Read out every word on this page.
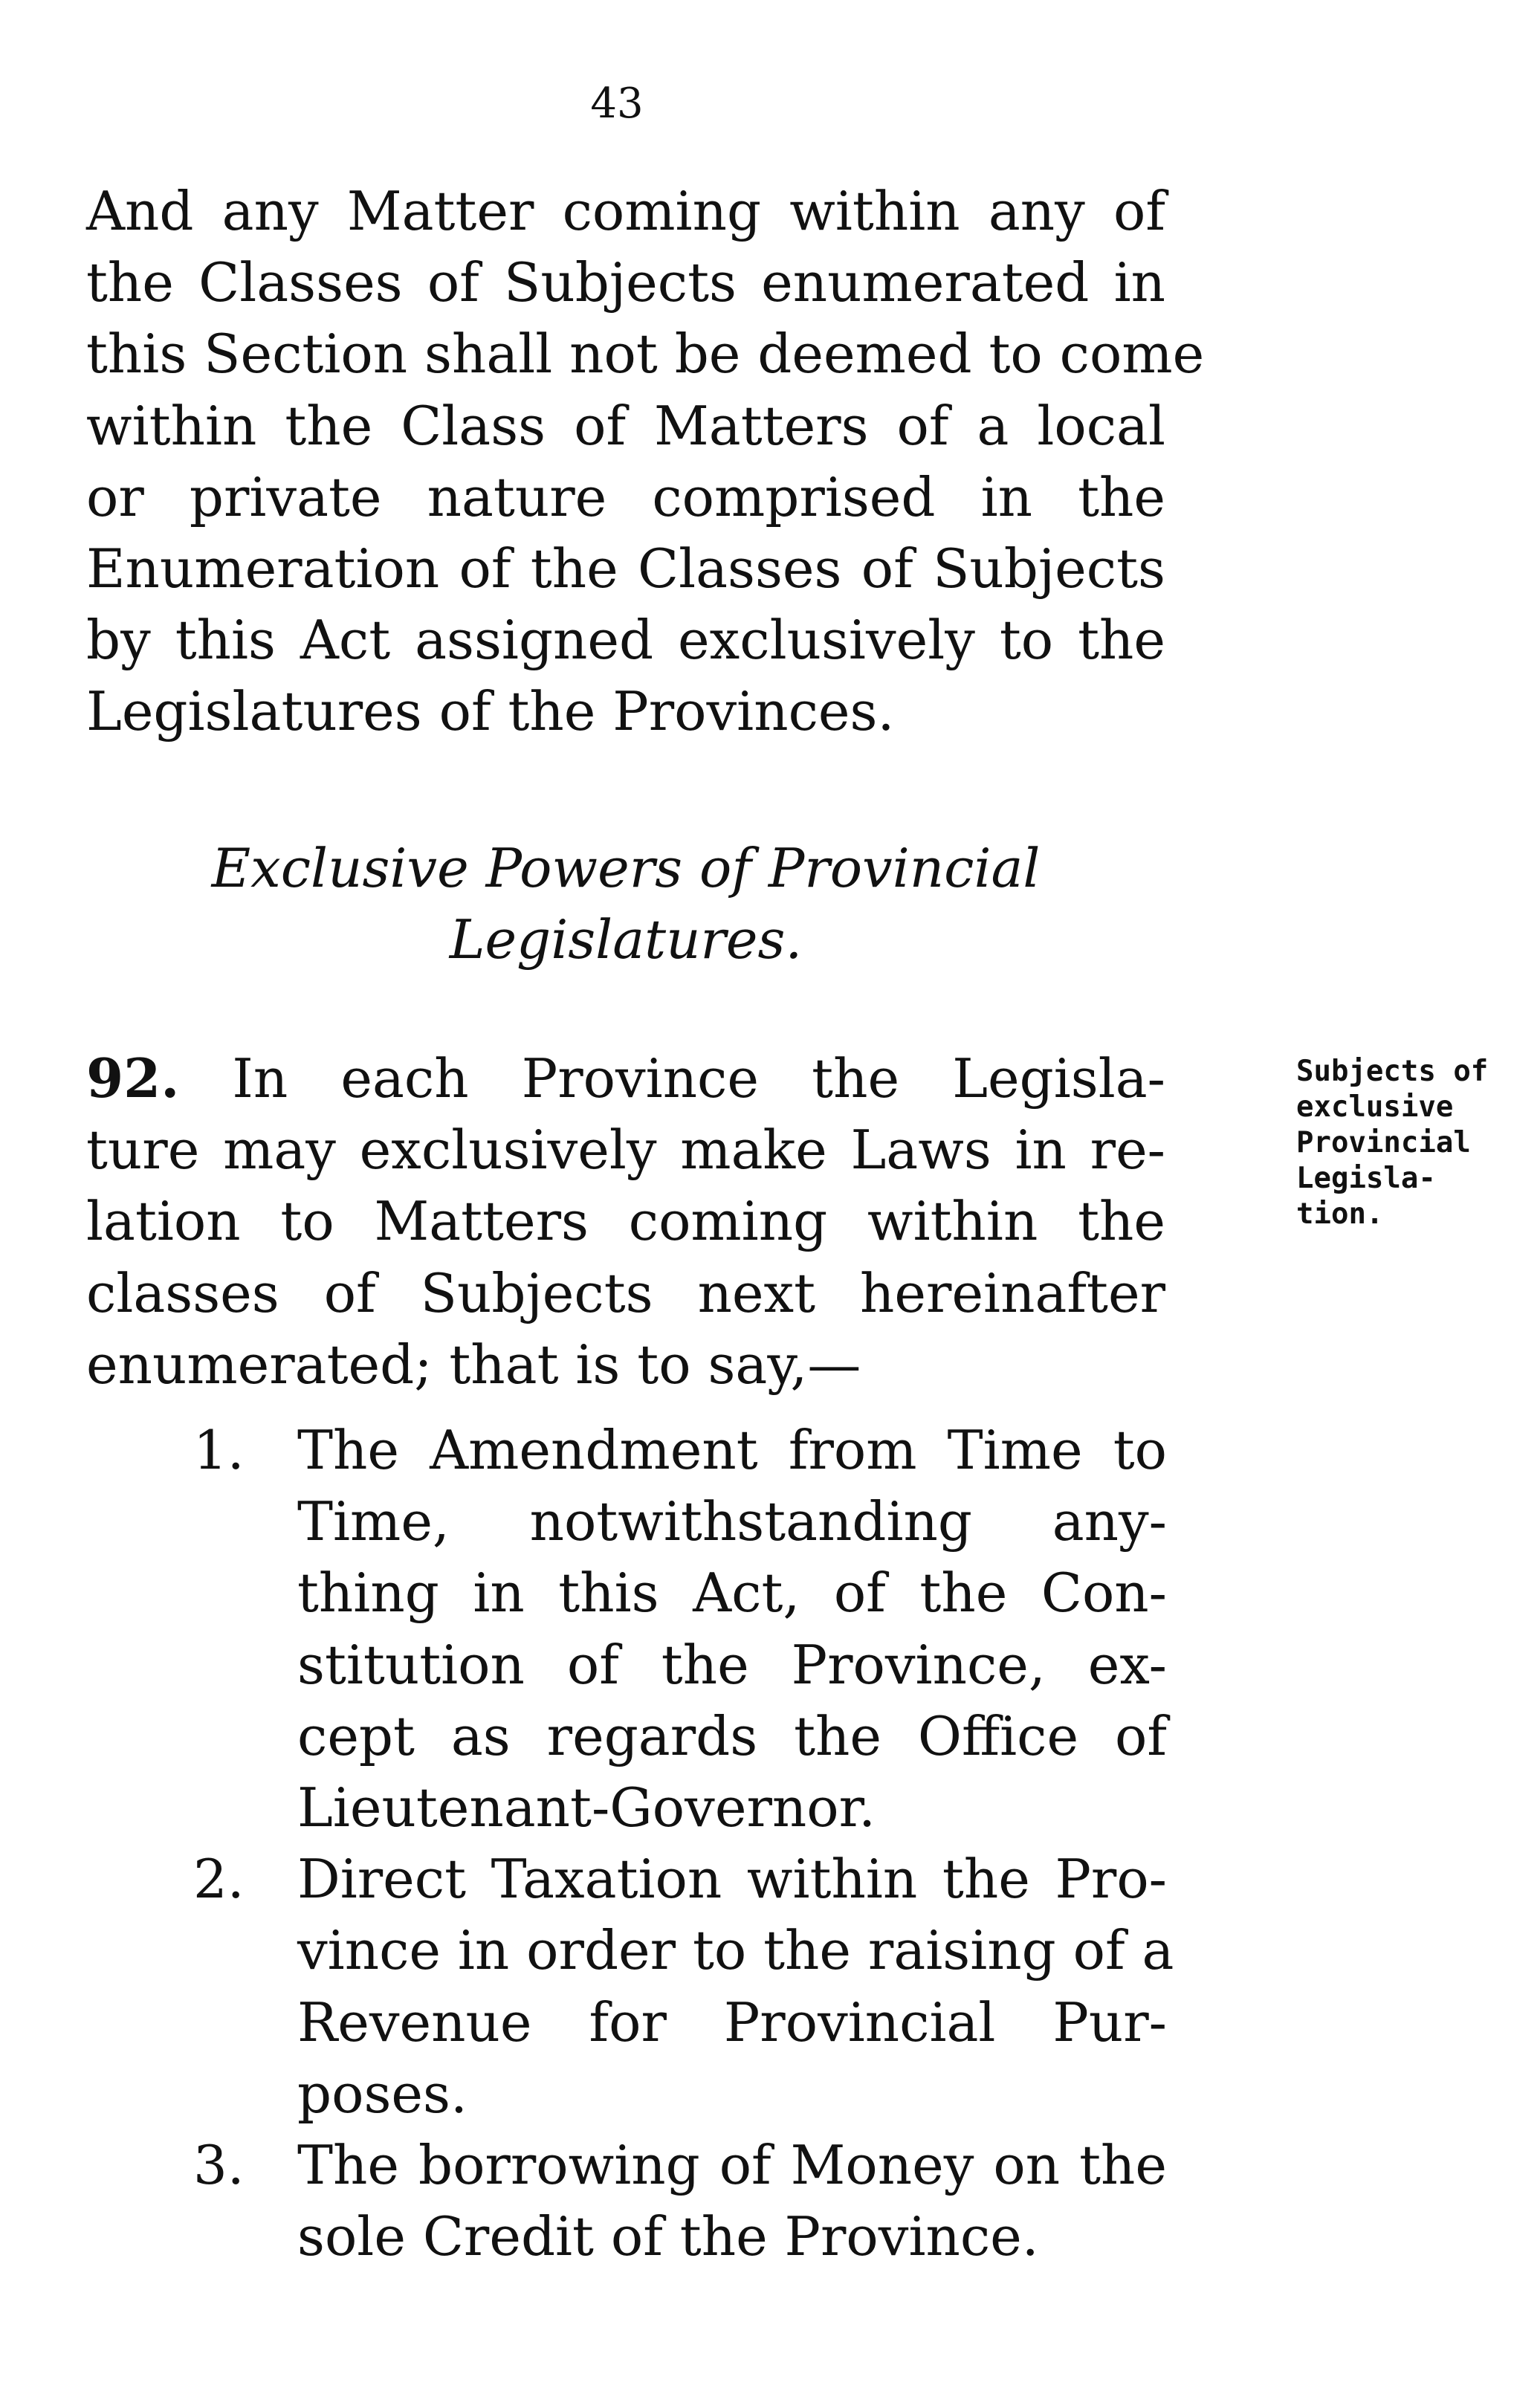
43
And any Matter coming within any of
the Classes of Subjects enumerated in
this Section shall not be deemed to come
within the Class of Matters of a local
or private nature comprised in the
Enumeration of the Classes of Subjects
by this Act assigned exclusively to the
Legislatures of the Provinces.
Exclusive Powers of Provincial
Legislatures.
92. In each Province the Legisla-
ture may exclusively make Laws in re-
lation to Matters coming within the
classes of Subjects next hereinafter
enumerated; that is to say,—
Subjects of
exclusive
Provincial
Legisla-
tion.
1. The Amendment from Time to
Time, notwithstanding any-
thing in this Act, of the Con-
stitution of the Province, ex-
cept as regards the Office of
Lieutenant-Governor.
2. Direct Taxation within the Pro-
vince in order to the raising of a
Revenue for Provincial Pur-
poses.
3. The borrowing of Money on the
sole Credit of the Province.
